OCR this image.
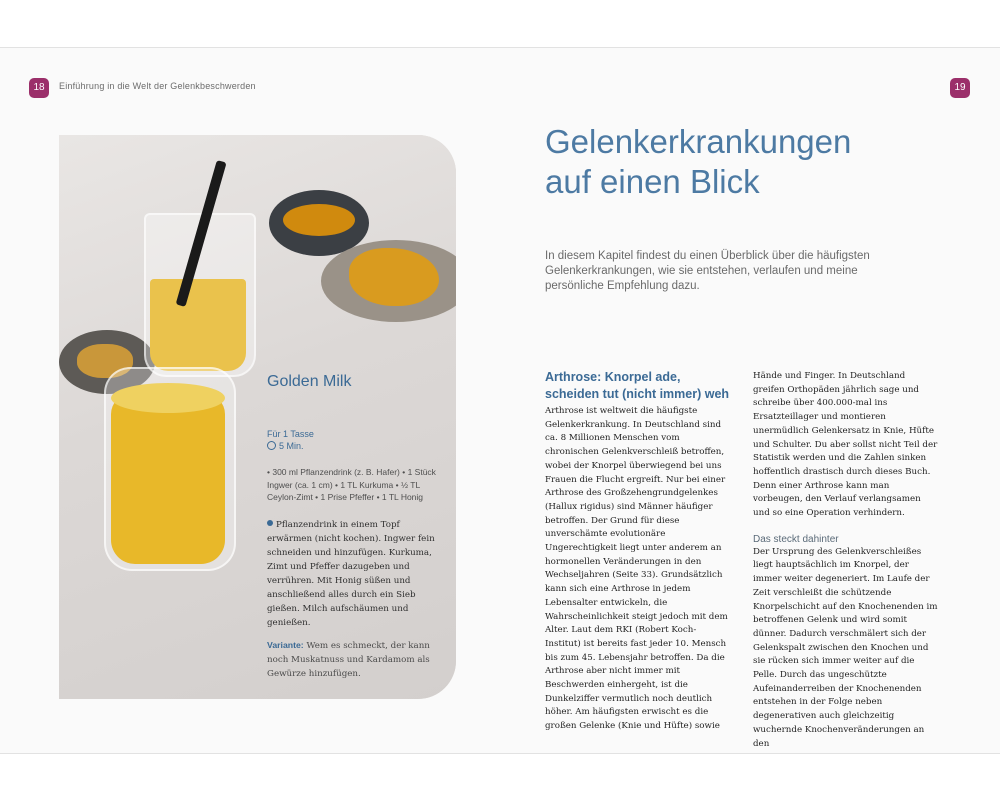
18	Einführung in die Welt der Gelenkbeschwerden	19
Golden Milk
Für 1 Tasse
5 Min.
• 300 ml Pflanzendrink (z. B. Hafer) • 1 Stück Ingwer (ca. 1 cm) • 1 TL Kurkuma • ½ TL Ceylon-Zimt • 1 Prise Pfeffer • 1 TL Honig
Pflanzendrink in einem Topf erwärmen (nicht kochen). Ingwer fein schneiden und hinzufügen. Kurkuma, Zimt und Pfeffer dazugeben und verrühren. Mit Honig süßen und anschließend alles durch ein Sieb gießen. Milch aufschäumen und genießen.
Variante: Wem es schmeckt, der kann noch Muskatnuss und Kardamom als Gewürze hinzufügen.
Gelenkerkrankungen
auf einen Blick
In diesem Kapitel findest du einen Überblick über die häufigsten Gelenkerkrankungen, wie sie entstehen, verlaufen und meine persönliche Empfehlung dazu.
Arthrose: Knorpel ade, scheiden tut (nicht immer) weh

Arthrose ist weltweit die häufigste Gelenkerkrankung. In Deutschland sind ca. 8 Millionen Menschen vom chronischen Gelenkverschleiß betroffen, wobei der Knorpel überwiegend bei uns Frauen die Flucht ergreift. Nur bei einer Arthrose des Großzehengrundgelenkes (Hallux rigidus) sind Männer häufiger betroffen. Der Grund für diese unverschämte evolutionäre Ungerechtigkeit liegt unter anderem an hormonellen Veränderungen in den Wechseljahren (Seite 33). Grundsätzlich kann sich eine Arthrose in jedem Lebensalter entwickeln, die Wahrscheinlichkeit steigt jedoch mit dem Alter. Laut dem RKI (Robert Koch-Institut) ist bereits fast jeder 10. Mensch bis zum 45. Lebensjahr betroffen. Da die Arthrose aber nicht immer mit Beschwerden einhergeht, ist die Dunkelziffer vermutlich noch deutlich höher. Am häufigsten erwischt es die großen Gelenke (Knie und Hüfte) sowie

Hände und Finger. In Deutschland greifen Orthopäden jährlich sage und schreibe über 400.000-mal ins Ersatzteillager und montieren unermüdlich Gelenkersatz in Knie, Hüfte und Schulter. Du aber sollst nicht Teil der Statistik werden und die Zahlen sinken hoffentlich drastisch durch dieses Buch. Denn einer Arthrose kann man vorbeugen, den Verlauf verlangsamen und so eine Operation verhindern.

Das steckt dahinter

Der Ursprung des Gelenkverschleißes liegt hauptsächlich im Knorpel, der immer weiter degeneriert. Im Laufe der Zeit verschleißt die schützende Knorpelschicht auf den Knochenenden im betroffenen Gelenk und wird somit dünner. Dadurch verschmälert sich der Gelenkspalt zwischen den Knochen und sie rücken sich immer weiter auf die Pelle. Durch das ungeschützte Aufeinanderreiben der Knochenenden entstehen in der Folge neben degenerativen auch gleichzeitig wuchernde Knochenveränderungen an den
